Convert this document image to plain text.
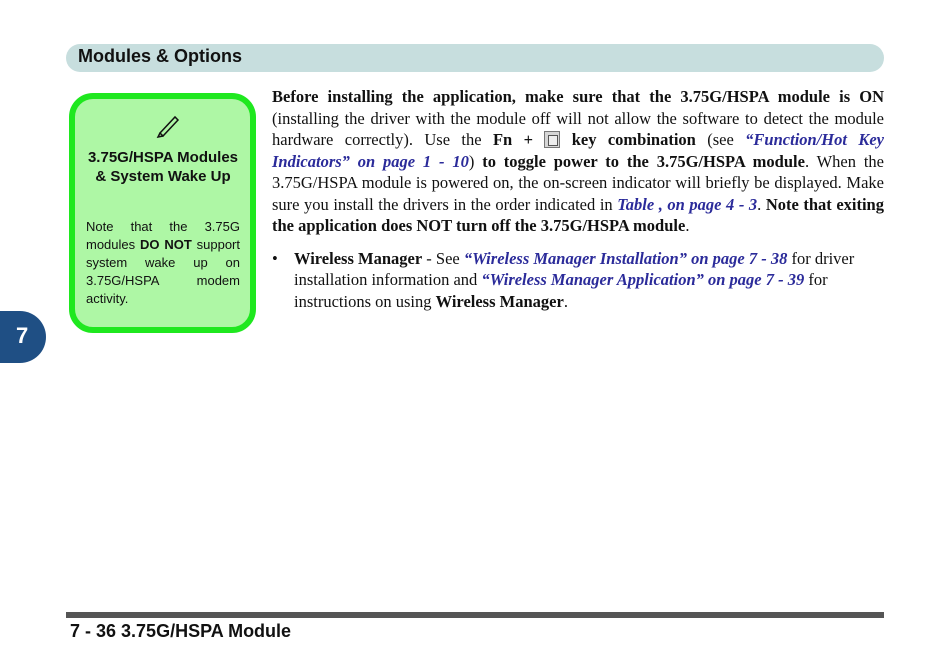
Modules & Options
7
3.75G/HSPA Modules & System Wake Up
Note that the 3.75G modules DO NOT support system wake up on 3.75G/HSPA modem activity.

Before installing the application, make sure that the 3.75G/HSPA module is ON (installing the driver with the module off will not allow the software to detect the module hardware correctly). Use the Fn +  key combination (see “Function/Hot Key Indicators” on page 1 - 10) to toggle power to the 3.75G/HSPA module. When the 3.75G/HSPA module is powered on, the on-screen indicator will briefly be displayed. Make sure you install the drivers in the order indicated in Table , on page 4 - 3. Note that exiting the application does NOT turn off the 3.75G/HSPA module.

• Wireless Manager - See “Wireless Manager Installation” on page 7 - 38 for driver installation information and “Wireless Manager Application” on page 7 - 39 for instructions on using Wireless Manager.
7 - 36 3.75G/HSPA Module
